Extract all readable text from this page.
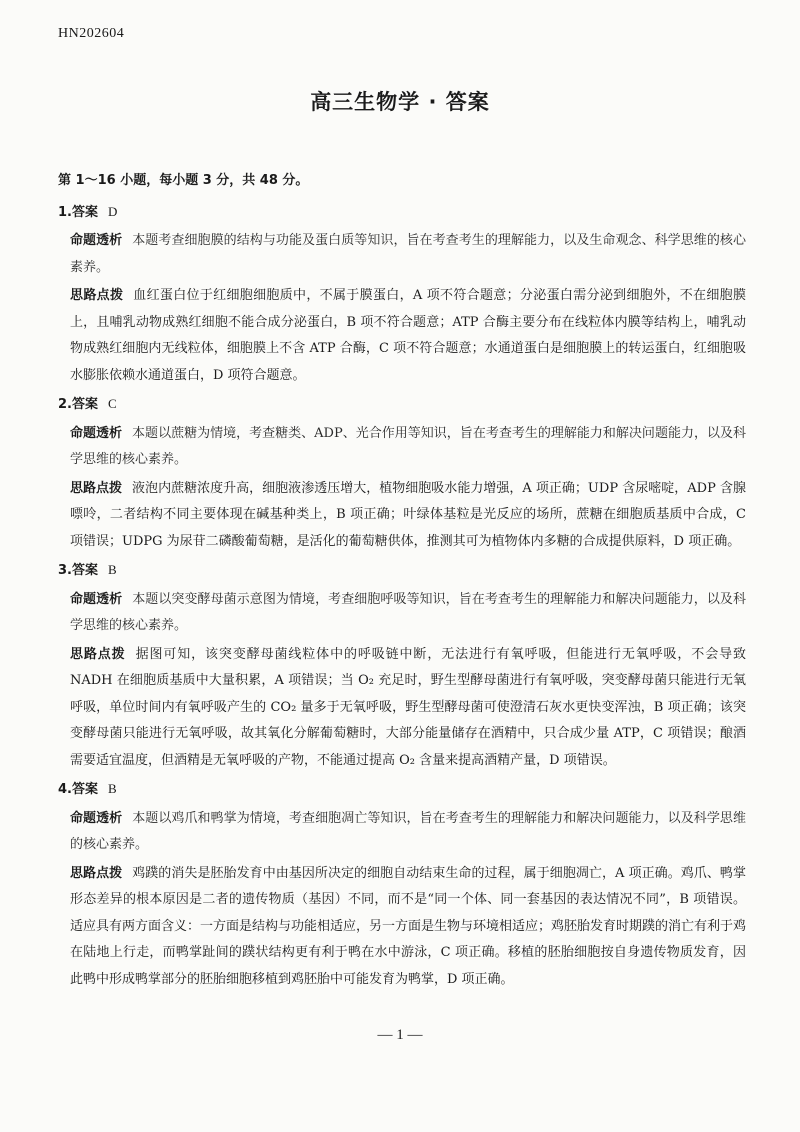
HN202604
高三生物学 · 答案

第 1～16 小题，每小题 3 分，共 48 分。

1.答案 D

命题透析 本题考查细胞膜的结构与功能及蛋白质等知识，旨在考查考生的理解能力，以及生命观念、科学思维的核心素养。

思路点拨 血红蛋白位于红细胞细胞质中，不属于膜蛋白，A 项不符合题意；分泌蛋白需分泌到细胞外，不在细胞膜上，且哺乳动物成熟红细胞不能合成分泌蛋白，B 项不符合题意；ATP 合酶主要分布在线粒体内膜等结构上，哺乳动物成熟红细胞内无线粒体，细胞膜上不含 ATP 合酶，C 项不符合题意；水通道蛋白是细胞膜上的转运蛋白，红细胞吸水膨胀依赖水通道蛋白，D 项符合题意。

2.答案 C

命题透析 本题以蔗糖为情境，考查糖类、ADP、光合作用等知识，旨在考查考生的理解能力和解决问题能力，以及科学思维的核心素养。

思路点拨 液泡内蔗糖浓度升高，细胞液渗透压增大，植物细胞吸水能力增强，A 项正确；UDP 含尿嘧啶，ADP 含腺嘌呤，二者结构不同主要体现在碱基种类上，B 项正确；叶绿体基粒是光反应的场所，蔗糖在细胞质基质中合成，C 项错误；UDPG 为尿苷二磷酸葡萄糖，是活化的葡萄糖供体，推测其可为植物体内多糖的合成提供原料，D 项正确。

3.答案 B

命题透析 本题以突变酵母菌示意图为情境，考查细胞呼吸等知识，旨在考查考生的理解能力和解决问题能力，以及科学思维的核心素养。

思路点拨 据图可知，该突变酵母菌线粒体中的呼吸链中断，无法进行有氧呼吸，但能进行无氧呼吸，不会导致 NADH 在细胞质基质中大量积累，A 项错误；当 O₂ 充足时，野生型酵母菌进行有氧呼吸，突变酵母菌只能进行无氧呼吸，单位时间内有氧呼吸产生的 CO₂ 量多于无氧呼吸，野生型酵母菌可使澄清石灰水更快变浑浊，B 项正确；该突变酵母菌只能进行无氧呼吸，故其氧化分解葡萄糖时，大部分能量储存在酒精中，只合成少量 ATP，C 项错误；酿酒需要适宜温度，但酒精是无氧呼吸的产物，不能通过提高 O₂ 含量来提高酒精产量，D 项错误。

4.答案 B

命题透析 本题以鸡爪和鸭掌为情境，考查细胞凋亡等知识，旨在考查考生的理解能力和解决问题能力，以及科学思维的核心素养。

思路点拨 鸡蹼的消失是胚胎发育中由基因所决定的细胞自动结束生命的过程，属于细胞凋亡，A 项正确。鸡爪、鸭掌形态差异的根本原因是二者的遗传物质（基因）不同，而不是“同一个体、同一套基因的表达情况不同”，B 项错误。适应具有两方面含义：一方面是结构与功能相适应，另一方面是生物与环境相适应；鸡胚胎发育时期蹼的消亡有利于鸡在陆地上行走，而鸭掌趾间的蹼状结构更有利于鸭在水中游泳，C 项正确。移植的胚胎细胞按自身遗传物质发育，因此鸭中形成鸭掌部分的胚胎细胞移植到鸡胚胎中可能发育为鸭掌，D 项正确。

— 1 —
